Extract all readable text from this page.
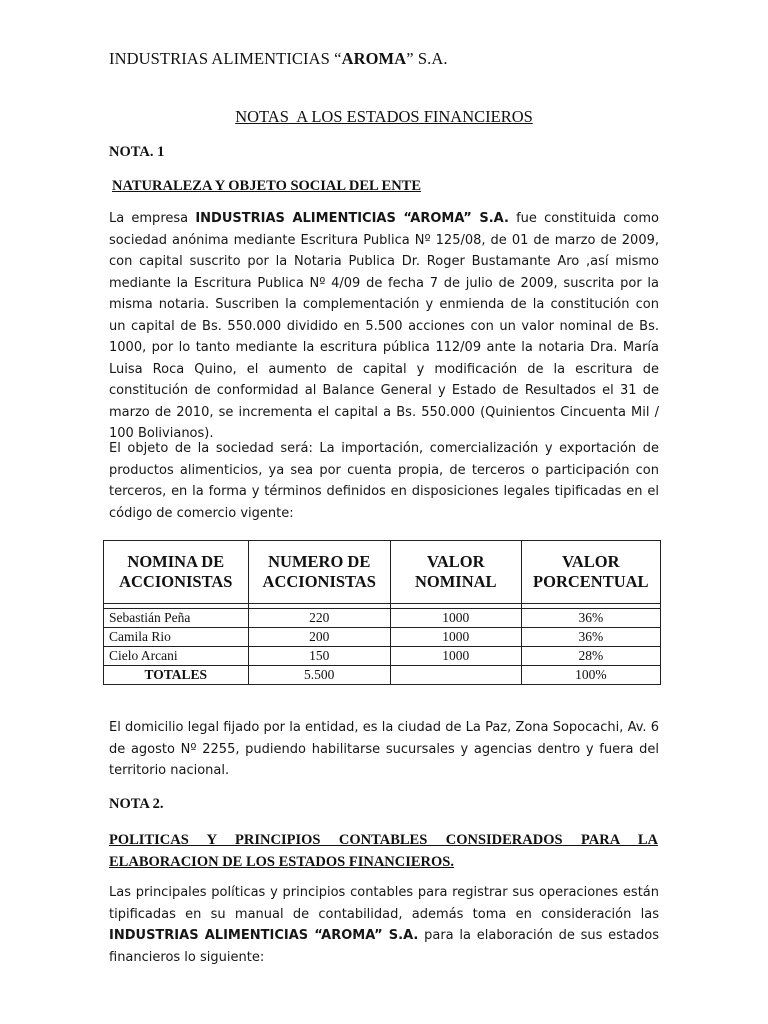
INDUSTRIAS ALIMENTICIAS “AROMA” S.A.
NOTAS  A LOS ESTADOS FINANCIEROS
NOTA. 1
NATURALEZA Y OBJETO SOCIAL DEL ENTE
La empresa INDUSTRIAS ALIMENTICIAS “AROMA” S.A. fue constituida como sociedad anónima mediante Escritura Publica Nº 125/08, de 01 de marzo de 2009, con capital suscrito por la Notaria Publica Dr. Roger Bustamante Aro ,así mismo mediante la Escritura Publica Nº 4/09 de fecha 7 de julio de 2009, suscrita por la misma notaria. Suscriben la complementación y enmienda de la constitución con un capital de Bs. 550.000 dividido en 5.500 acciones con un valor nominal de Bs. 1000, por lo tanto mediante la escritura pública 112/09 ante la notaria Dra. María Luisa Roca Quino, el aumento de capital y modificación de la escritura de constitución de conformidad al Balance General y Estado de Resultados el 31 de marzo de 2010, se incrementa el capital a Bs. 550.000 (Quinientos Cincuenta Mil / 100 Bolivianos).
El objeto de la sociedad será: La importación, comercialización y exportación de productos alimenticios, ya sea por cuenta propia, de terceros o participación con terceros, en la forma y términos definidos en disposiciones legales tipificadas en el código de comercio vigente:
NOMINA DE ACCIONISTAS	NUMERO DE ACCIONISTAS	VALOR NOMINAL	VALOR PORCENTUAL

Sebastián Peña	220	1000	36%
Camila Rio	200	1000	36%
Cielo Arcani	150	1000	28%
TOTALES	5.500		100%
El domicilio legal fijado por la entidad, es la ciudad de La Paz, Zona Sopocachi, Av. 6 de agosto Nº 2255, pudiendo habilitarse sucursales y agencias dentro y fuera del territorio nacional.
NOTA 2.
POLITICAS Y PRINCIPIOS CONTABLES CONSIDERADOS PARA LA ELABORACION DE LOS ESTADOS FINANCIEROS.
Las principales políticas y principios contables para registrar sus operaciones están tipificadas en su manual de contabilidad, además toma en consideración las INDUSTRIAS ALIMENTICIAS “AROMA” S.A. para la elaboración de sus estados financieros lo siguiente:
